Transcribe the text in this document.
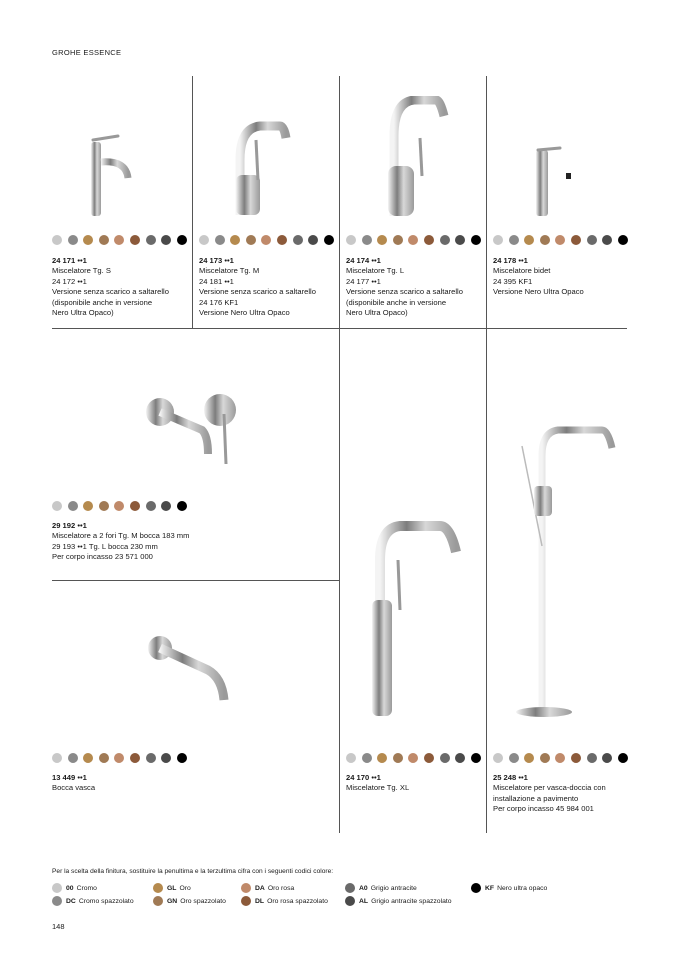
GROHE ESSENCE
24 171 ••1
Miscelatore Tg. S
24 172 ••1
Versione senza scarico a saltarello
(disponibile anche in versione
Nero Ultra Opaco)
24 173 ••1
Miscelatore Tg. M
24 181 ••1
Versione senza scarico a saltarello
24 176 KF1
Versione Nero Ultra Opaco
24 174 ••1
Miscelatore Tg. L
24 177 ••1
Versione senza scarico a saltarello
(disponibile anche in versione
Nero Ultra Opaco)
24 178 ••1
Miscelatore bidet
24 395 KF1
Versione Nero Ultra Opaco
29 192 ••1
Miscelatore a 2 fori Tg. M bocca 183 mm
29 193 ••1 Tg. L bocca 230 mm
Per corpo incasso 23 571 000
13 449 ••1
Bocca vasca
24 170 ••1
Miscelatore Tg. XL
25 248 ••1
Miscelatore per vasca-doccia con
installazione a pavimento
Per corpo incasso 45 984 001
Per la scelta della finitura, sostituire la penultima e la terzultima cifra con i seguenti codici colore:
00 Cromo
DC Cromo spazzolato
GL Oro
GN Oro spazzolato
DA Oro rosa
DL Oro rosa spazzolato
A0 Grigio antracite
AL Grigio antracite spazzolato
KF Nero ultra opaco
148
